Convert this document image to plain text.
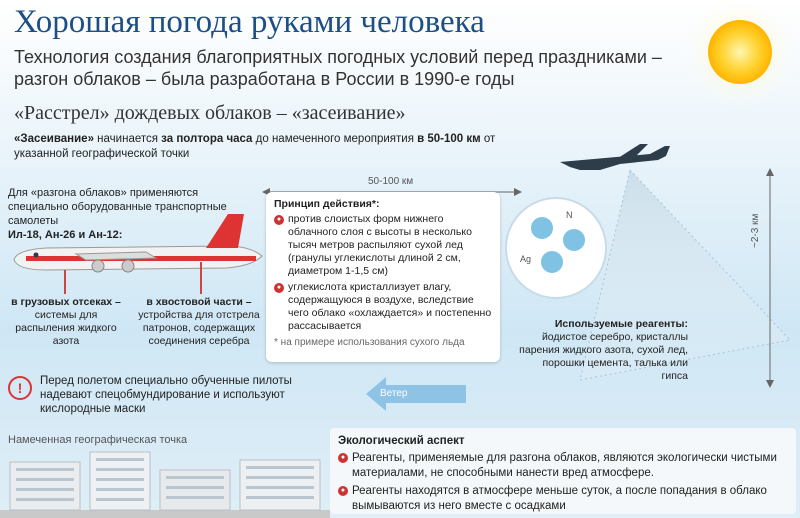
Хорошая погода руками человека
Технология создания благоприятных погодных условий перед праздниками – разгон облаков – была разработана в России в 1990-е годы
«Расстрел» дождевых облаков – «засеивание»
«Засеивание» начинается за полтора часа до намеченного мероприятия в 50-100 км от указанной географической точки
50-100 км
Для «разгона облаков» применяются специально оборудованные транспортные самолеты
Ил-18, Ан-26 и Ан-12:
в грузовых отсеках –
системы для распыления жидкого азота
в хвостовой части –
устройства для отстрела патронов, содержащих соединения серебра
Принцип действия*:
● против слоистых форм нижнего облачного слоя с высоты в несколько тысяч метров распыляют сухой лед (гранулы углекислоты длиной 2 см, диаметром 1-1,5 см)
● углекислота кристаллизует влагу, содержащуюся в воздухе, вследствие чего облако «охлаждается» и постепенно рассасывается
* на примере использования сухого льда
N
Ag
Используемые реагенты:
йодистое серебро, кристаллы парения жидкого азота, сухой лед, порошки цемента, талька или гипса
~2-3 км
!	Перед полетом специально обученные пилоты надевают спецобмундирование и используют кислородные маски
Ветер
Намеченная географическая точка	Экологический аспект
● Реагенты, применяемые для разгона облаков, являются экологически чистыми материалами, не способными нанести вред атмосфере.
● Реагенты находятся в атмосфере меньше суток, а после попадания в облако вымываются из него вместе с осадками
